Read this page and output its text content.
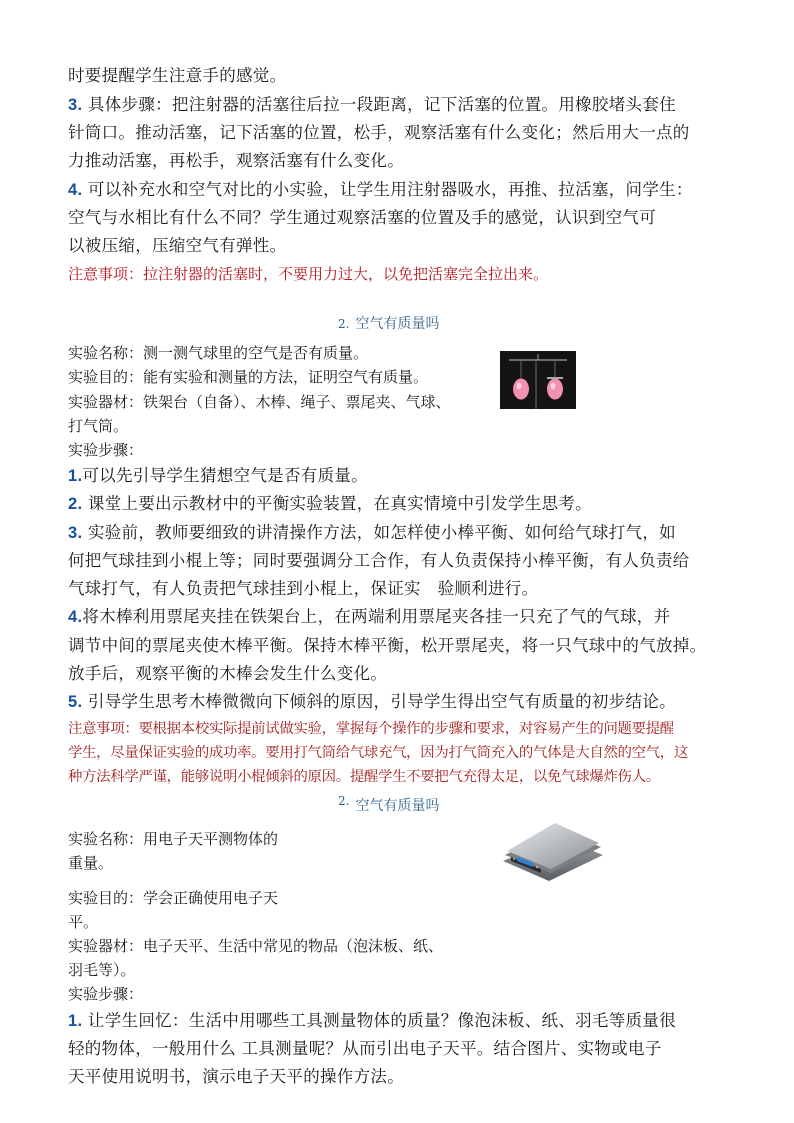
时要提醒学生注意手的感觉。
3. 具体步骤：把注射器的活塞往后拉一段距离，记下活塞的位置。用橡胶堵头套住
针筒口。推动活塞，记下活塞的位置，松手，观察活塞有什么变化；然后用大一点的
力推动活塞，再松手，观察活塞有什么变化。
4. 可以补充水和空气对比的小实验，让学生用注射器吸水，再推、拉活塞，问学生：
空气与水相比有什么不同？学生通过观察活塞的位置及手的感觉，认识到空气可
以被压缩，压缩空气有弹性。
注意事项：拉注射器的活塞时，不要用力过大，以免把活塞完全拉出来。
2. 空气有质量吗
实验名称：测一测气球里的空气是否有质量。
实验目的：能有实验和测量的方法，证明空气有质量。
实验器材：铁架台（自备）、木棒、绳子、票尾夹、气球、
打气筒。
实验步骤：
1.可以先引导学生猜想空气是否有质量。
2. 课堂上要出示教材中的平衡实验装置，在真实情境中引发学生思考。
3. 实验前，教师要细致的讲清操作方法，如怎样使小棒平衡、如何给气球打气，如
何把气球挂到小棍上等；同时要强调分工合作，有人负责保持小棒平衡，有人负责给
气球打气，有人负责把气球挂到小棍上，保证实　验顺利进行。
4.将木棒利用票尾夹挂在铁架台上，在两端利用票尾夹各挂一只充了气的气球，并
调节中间的票尾夹使木棒平衡。保持木棒平衡，松开票尾夹，将一只气球中的气放掉。
放手后，观察平衡的木棒会发生什么变化。
5. 引导学生思考木棒微微向下倾斜的原因，引导学生得出空气有质量的初步结论。
注意事项：要根据本校实际提前试做实验，掌握每个操作的步骤和要求，对容易产生的问题要提醒
学生，尽量保证实验的成功率。要用打气筒给气球充气，因为打气筒充入的气体是大自然的空气，这
种方法科学严谨，能够说明小棍倾斜的原因。提醒学生不要把气充得太足，以免气球爆炸伤人。
2. 空气有质量吗
实验名称：用电子天平测物体的
重量。
实验目的：学会正确使用电子天
平。
实验器材：电子天平、生活中常见的物品（泡沫板、纸、
羽毛等）。
实验步骤：
1. 让学生回忆：生活中用哪些工具测量物体的质量？像泡沫板、纸、羽毛等质量很
轻的物体，一般用什么 工具测量呢？从而引出电子天平。结合图片、实物或电子
天平使用说明书，演示电子天平的操作方法。
